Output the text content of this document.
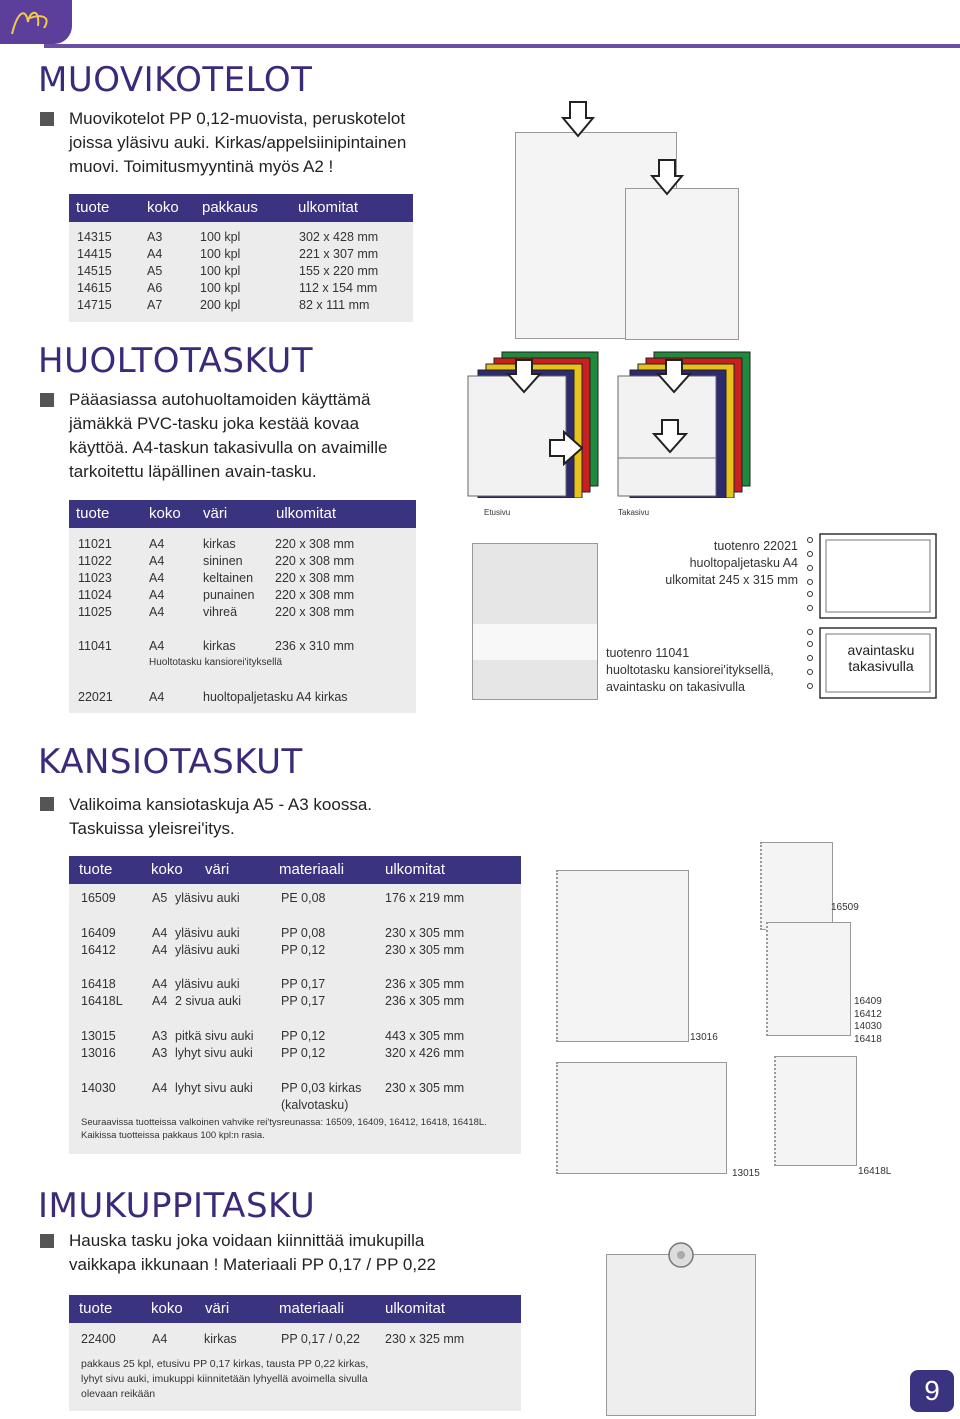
MUOVIKOTELOT
Muovikotelot PP 0,12-muovista, peruskotelot
joissa yläsivu auki. Kirkas/appelsiinipintainen
muovi. Toimitusmyyntinä myös A2 !
tuote	koko pakkaus	ulkomitat
14315	A3	100 kpl	302 x 428 mm
14415	A4	100 kpl	221 x 307 mm
14515	A5	100 kpl	155 x 220 mm
14615	A6	100 kpl	112 x 154 mm
14715	A7	200 kpl	82 x 111 mm
HUOLTOTASKUT
Pääasiassa autohuoltamoiden käyttämä
jämäkkä PVC-tasku joka kestää kovaa
käyttöä. A4-taskun takasivulla on avaimille
tarkoitettu läpällinen avain-tasku.
tuote	koko väri	ulkomitat
11021	A4	kirkas	220 x 308 mm
11022	A4	sininen	220 x 308 mm
11023	A4	keltainen 220 x 308 mm
11024	A4	punainen 220 x 308 mm
11025	A4	vihreä	220 x 308 mm
11041	A4	kirkas	236 x 310 mm
Huoltotasku kansiorei'ityksellä
22021	A4	huoltopaljetasku A4 kirkas
Etusivu	Takasivu
tuotenro 22021
huoltopaljetasku A4
ulkomitat 245 x 315 mm
tuotenro 11041
huoltotasku kansiorei'ityksellä,
avaintasku on takasivulla
avaintasku
takasivulla
KANSIOTASKUT
Valikoima kansiotaskuja A5 - A3 koossa.
Taskuissa yleisrei'itys.
tuote	koko väri	materiaali	ulkomitat
16509	A5 yläsivu auki	PE 0,08	176 x 219 mm
16409	A4 yläsivu auki	PP 0,08	230 x 305 mm
16412	A4 yläsivu auki	PP 0,12	230 x 305 mm
16418	A4 yläsivu auki	PP 0,17	236 x 305 mm
16418L A4 2 sivua auki	PP 0,17	236 x 305 mm
13015	A3 pitkä sivu auki PP 0,12	443 x 305 mm
13016	A3 lyhyt sivu auki PP 0,12	320 x 426 mm
14030	A4 lyhyt sivu auki PP 0,03 kirkas 230 x 305 mm
(kalvotasku)
Seuraavissa tuotteissa valkoinen vahvike rei'tysreunassa: 16509, 16409, 16412, 16418, 16418L.
Kaikissa tuotteissa pakkaus 100 kpl:n rasia.
16509
16409
16412
14030
16418
13016
13015	16418L
IMUKUPPITASKU
Hauska tasku joka voidaan kiinnittää imukupilla
vaikkapa ikkunaan ! Materiaali PP 0,17 / PP 0,22
tuote	koko väri	materiaali	ulkomitat
22400	A4	kirkas	PP 0,17 / 0,22 230 x 325 mm
pakkaus 25 kpl, etusivu PP 0,17 kirkas, tausta PP 0,22 kirkas,
lyhyt sivu auki, imukuppi kiinnitetään lyhyellä avoimella sivulla
olevaan reikään	9
